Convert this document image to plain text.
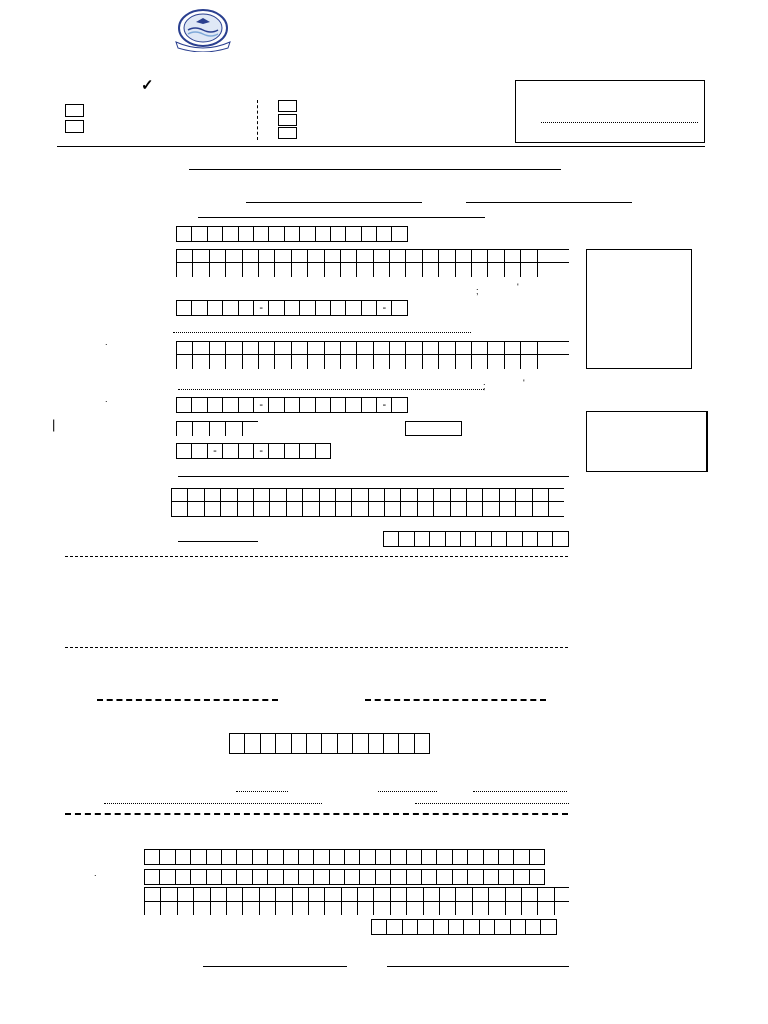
✓
;	'
-	-
.
;	'
.	-	-
|
-	-
.
